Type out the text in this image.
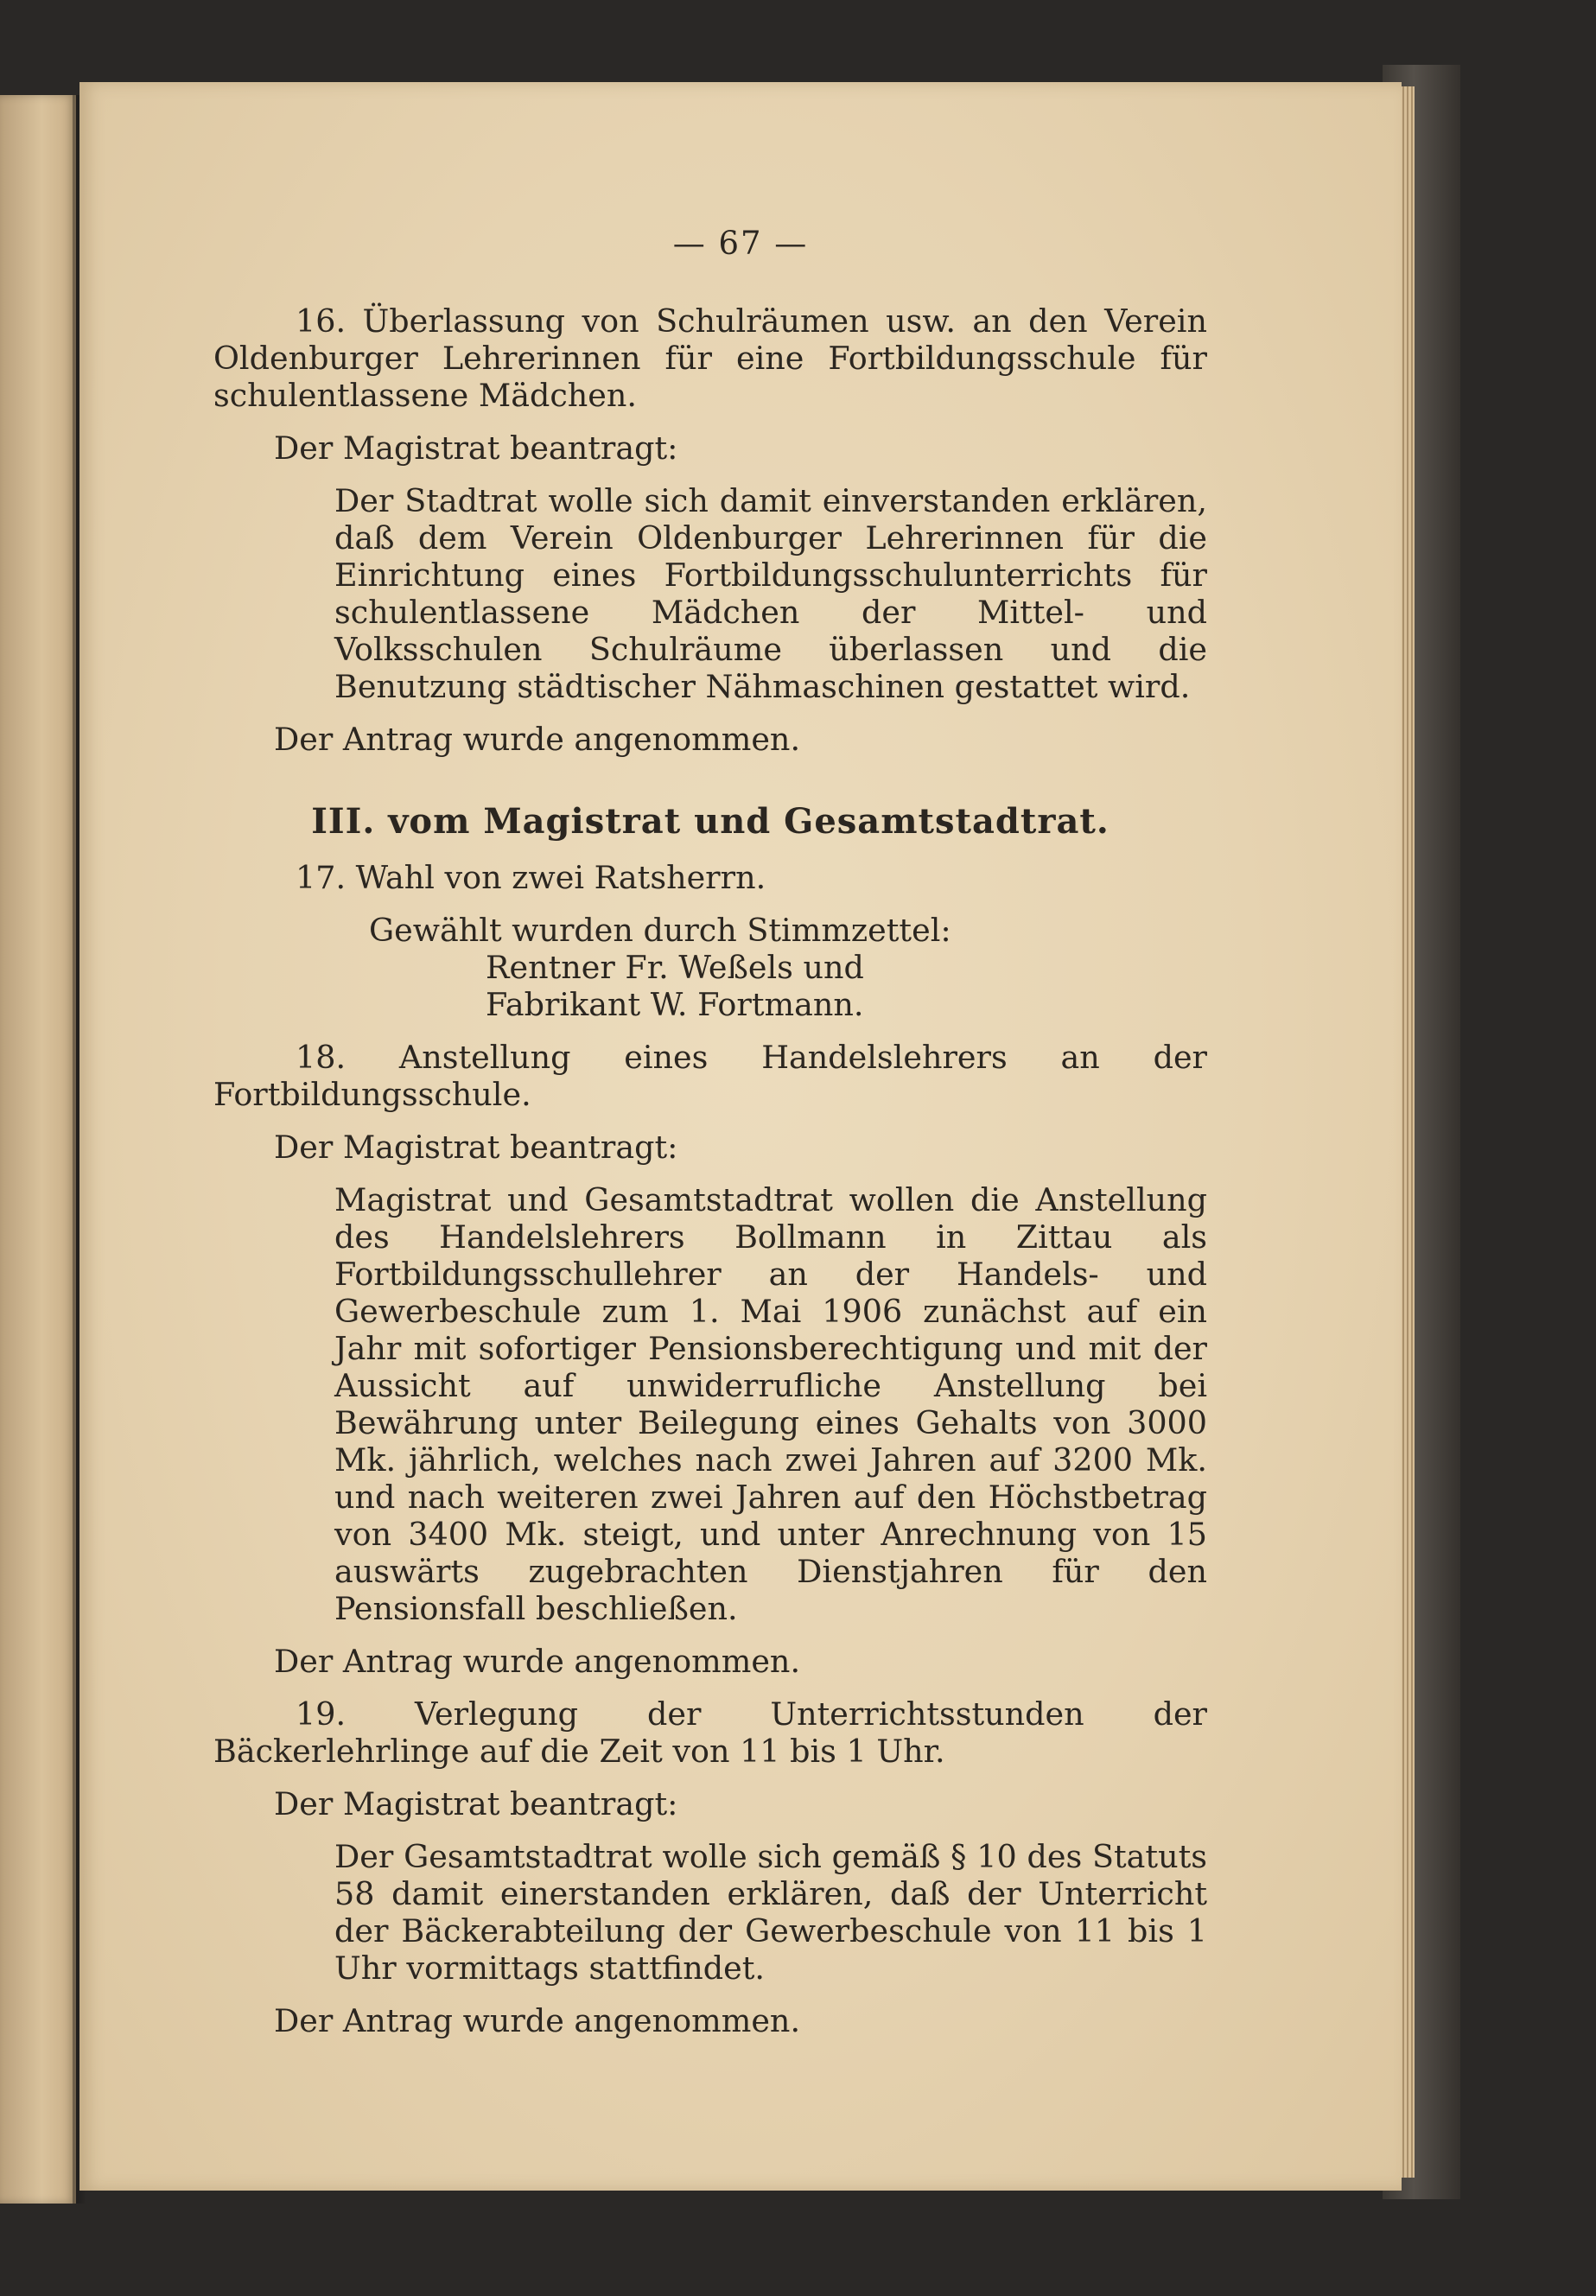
— 67 —

16. Überlassung von Schulräumen usw. an den Verein Oldenburger Lehrerinnen für eine Fortbildungsschule für schulentlassene Mädchen.

Der Magistrat beantragt:

Der Stadtrat wolle sich damit einverstanden erklären, daß dem Verein Oldenburger Lehrerinnen für die Einrichtung eines Fortbildungsschulunterrichts für schulentlassene Mädchen der Mittel- und Volksschulen Schulräume überlassen und die Benutzung städtischer Nähmaschinen gestattet wird.

Der Antrag wurde angenommen.

III. vom Magistrat und Gesamtstadtrat.

17. Wahl von zwei Ratsherrn.

Gewählt wurden durch Stimmzettel:

Rentner Fr. Weßels und

Fabrikant W. Fortmann.

18. Anstellung eines Handelslehrers an der Fortbildungsschule.

Der Magistrat beantragt:

Magistrat und Gesamtstadtrat wollen die Anstellung des Handelslehrers Bollmann in Zittau als Fortbildungsschullehrer an der Handels- und Gewerbeschule zum 1. Mai 1906 zunächst auf ein Jahr mit sofortiger Pensionsberechtigung und mit der Aussicht auf unwiderrufliche Anstellung bei Bewährung unter Beilegung eines Gehalts von 3000 Mk. jährlich, welches nach zwei Jahren auf 3200 Mk. und nach weiteren zwei Jahren auf den Höchstbetrag von 3400 Mk. steigt, und unter Anrechnung von 15 auswärts zugebrachten Dienstjahren für den Pensionsfall beschließen.

Der Antrag wurde angenommen.

19. Verlegung der Unterrichtsstunden der Bäckerlehrlinge auf die Zeit von 11 bis 1 Uhr.

Der Magistrat beantragt:

Der Gesamtstadtrat wolle sich gemäß § 10 des Statuts 58 damit einerstanden erklären, daß der Unterricht der Bäckerabteilung der Gewerbeschule von 11 bis 1 Uhr vormittags stattfindet.

Der Antrag wurde angenommen.
